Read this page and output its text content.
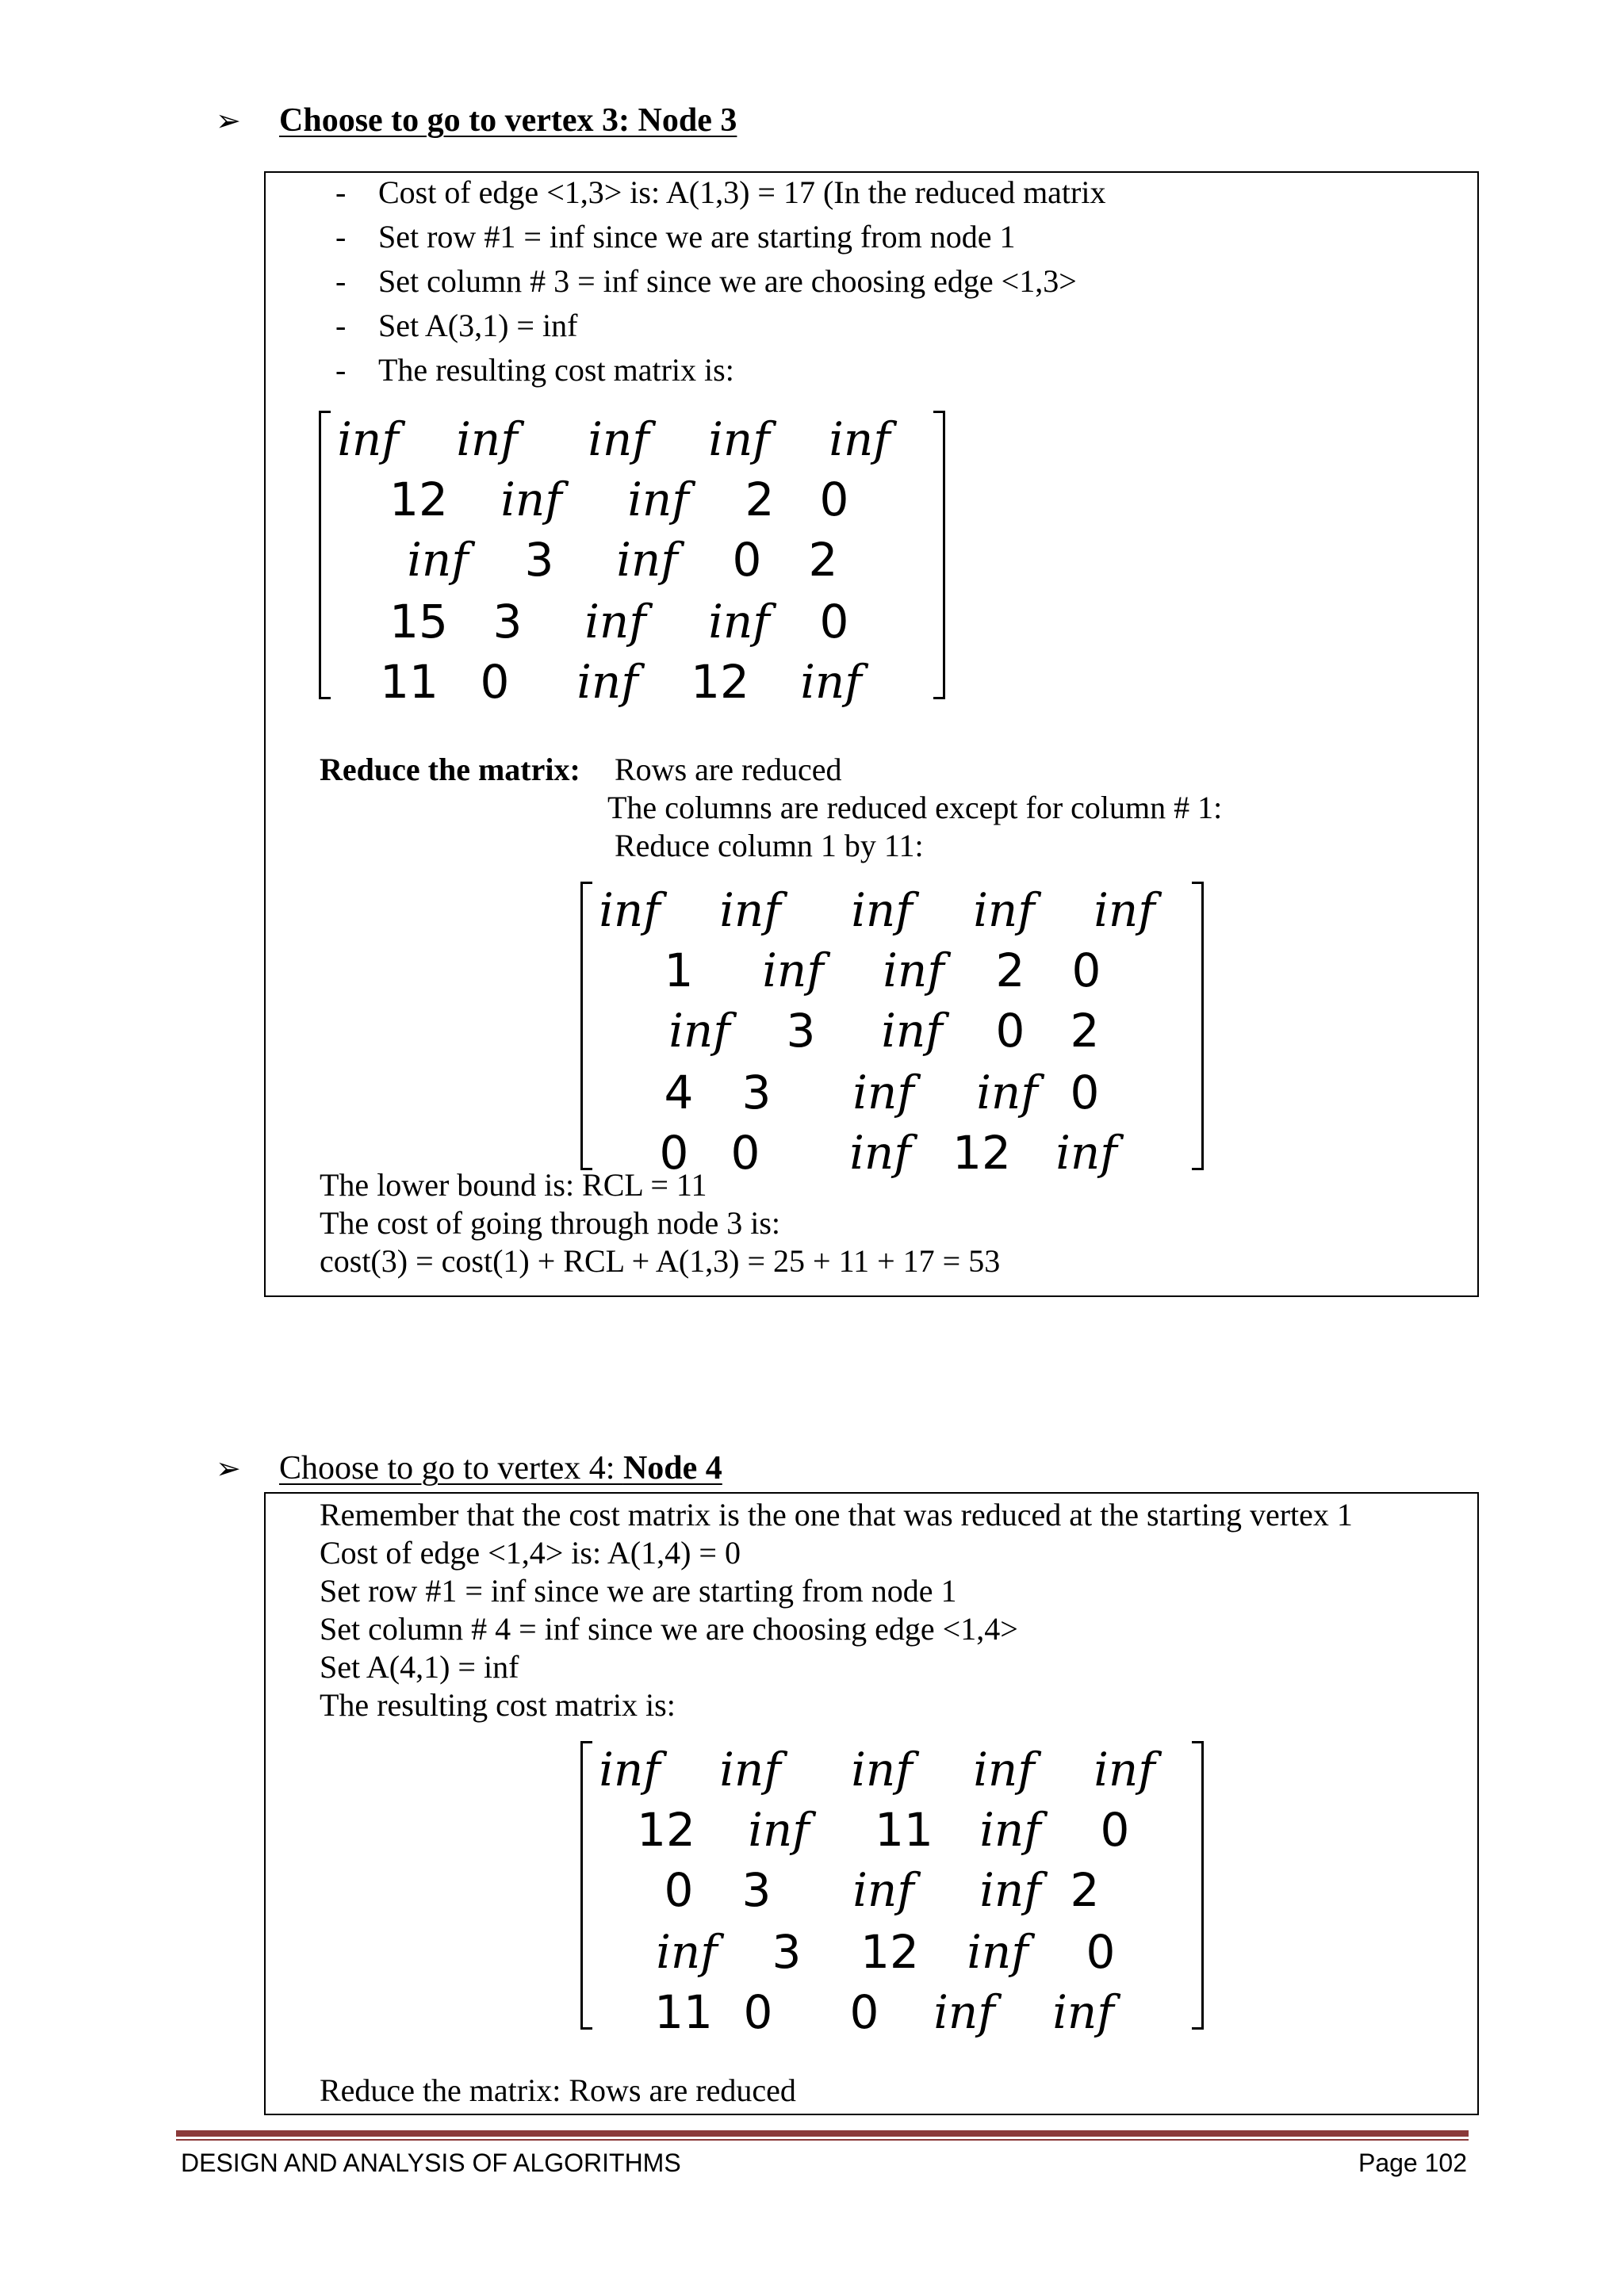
➢ Choose to go to vertex 3: Node 3
- Cost of edge <1,3> is: A(1,3) = 17 (In the reduced matrix
- Set row #1 = inf since we are starting from node 1
- Set column # 3 = inf since we are choosing edge <1,3>
- Set A(3,1) = inf
- The resulting cost matrix is:
Reduce the matrix: Rows are reduced
The columns are reduced except for column # 1:
Reduce column 1 by 11:
The lower bound is: RCL = 11
The cost of going through node 3 is:
cost(3) = cost(1) + RCL + A(1,3) = 25 + 11 + 17 = 53
inf inf inf inf inf
12 inf inf 2 0
inf 3 inf 0 2
15 3 inf inf 0
11 0 inf 12 inf
inf inf inf inf inf
1 inf inf 2 0
inf 3 inf 0 2
4 3 inf inf 0
0 0 inf 12 inf
➢ Choose to go to vertex 4: Node 4
Remember that the cost matrix is the one that was reduced at the starting vertex 1
Cost of edge <1,4> is: A(1,4) = 0
Set row #1 = inf since we are starting from node 1
Set column # 4 = inf since we are choosing edge <1,4>
Set A(4,1) = inf
The resulting cost matrix is:
Reduce the matrix: Rows are reduced
inf inf inf inf inf
12 inf 11 inf 0
0 3 inf inf 2
inf 3 12 inf 0
11 0 0 inf inf
DESIGN AND ANALYSIS OF ALGORITHMS	Page 102
